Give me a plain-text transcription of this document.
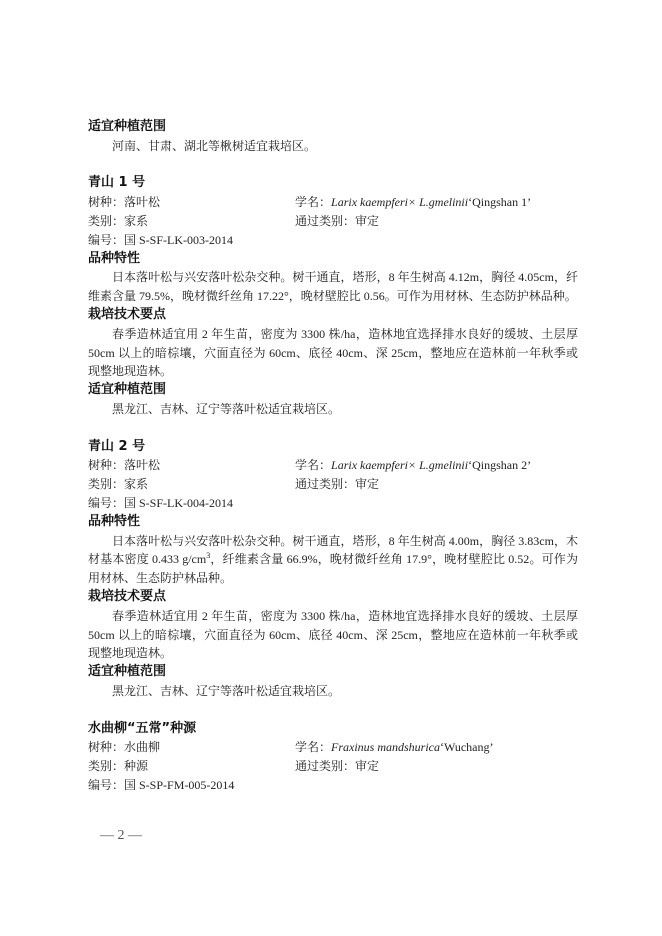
适宜种植范围
河南、甘肃、湖北等楸树适宜栽培区。
青山 1 号
树种：落叶松	学名：Larix kaempferi× L.gmelinii‘Qingshan 1’
类别：家系	通过类别：审定
编号：国 S-SF-LK-003-2014
品种特性
日本落叶松与兴安落叶松杂交种。树干通直，塔形，8 年生树高 4.12m，胸径 4.05cm，纤维素含量 79.5%，晚材微纤丝角 17.22°，晚材壁腔比 0.56。可作为用材林、生态防护林品种。
栽培技术要点
春季造林适宜用 2 年生苗，密度为 3300 株/ha，造林地宜选择排水良好的缓坡、土层厚 50cm 以上的暗棕壤，穴面直径为 60cm、底径 40cm、深 25cm，整地应在造林前一年秋季或现整地现造林。
适宜种植范围
黑龙江、吉林、辽宁等落叶松适宜栽培区。
青山 2 号
树种：落叶松	学名：Larix kaempferi× L.gmelinii‘Qingshan 2’
类别：家系	通过类别：审定
编号：国 S-SF-LK-004-2014
品种特性
日本落叶松与兴安落叶松杂交种。树干通直，塔形，8 年生树高 4.00m，胸径 3.83cm，木材基本密度 0.433 $g/cm^3$，纤维素含量 66.9%，晚材微纤丝角 17.9°，晚材壁腔比 0.52。可作为用材林、生态防护林品种。
栽培技术要点
春季造林适宜用 2 年生苗，密度为 3300 株/ha，造林地宜选择排水良好的缓坡、土层厚 50cm 以上的暗棕壤，穴面直径为 60cm、底径 40cm、深 25cm，整地应在造林前一年秋季或现整地现造林。
适宜种植范围
黑龙江、吉林、辽宁等落叶松适宜栽培区。
水曲柳“五常”种源
树种：水曲柳	学名：Fraxinus mandshurica‘Wuchang’
类别：种源	通过类别：审定
编号：国 S-SP-FM-005-2014
— 2 —
